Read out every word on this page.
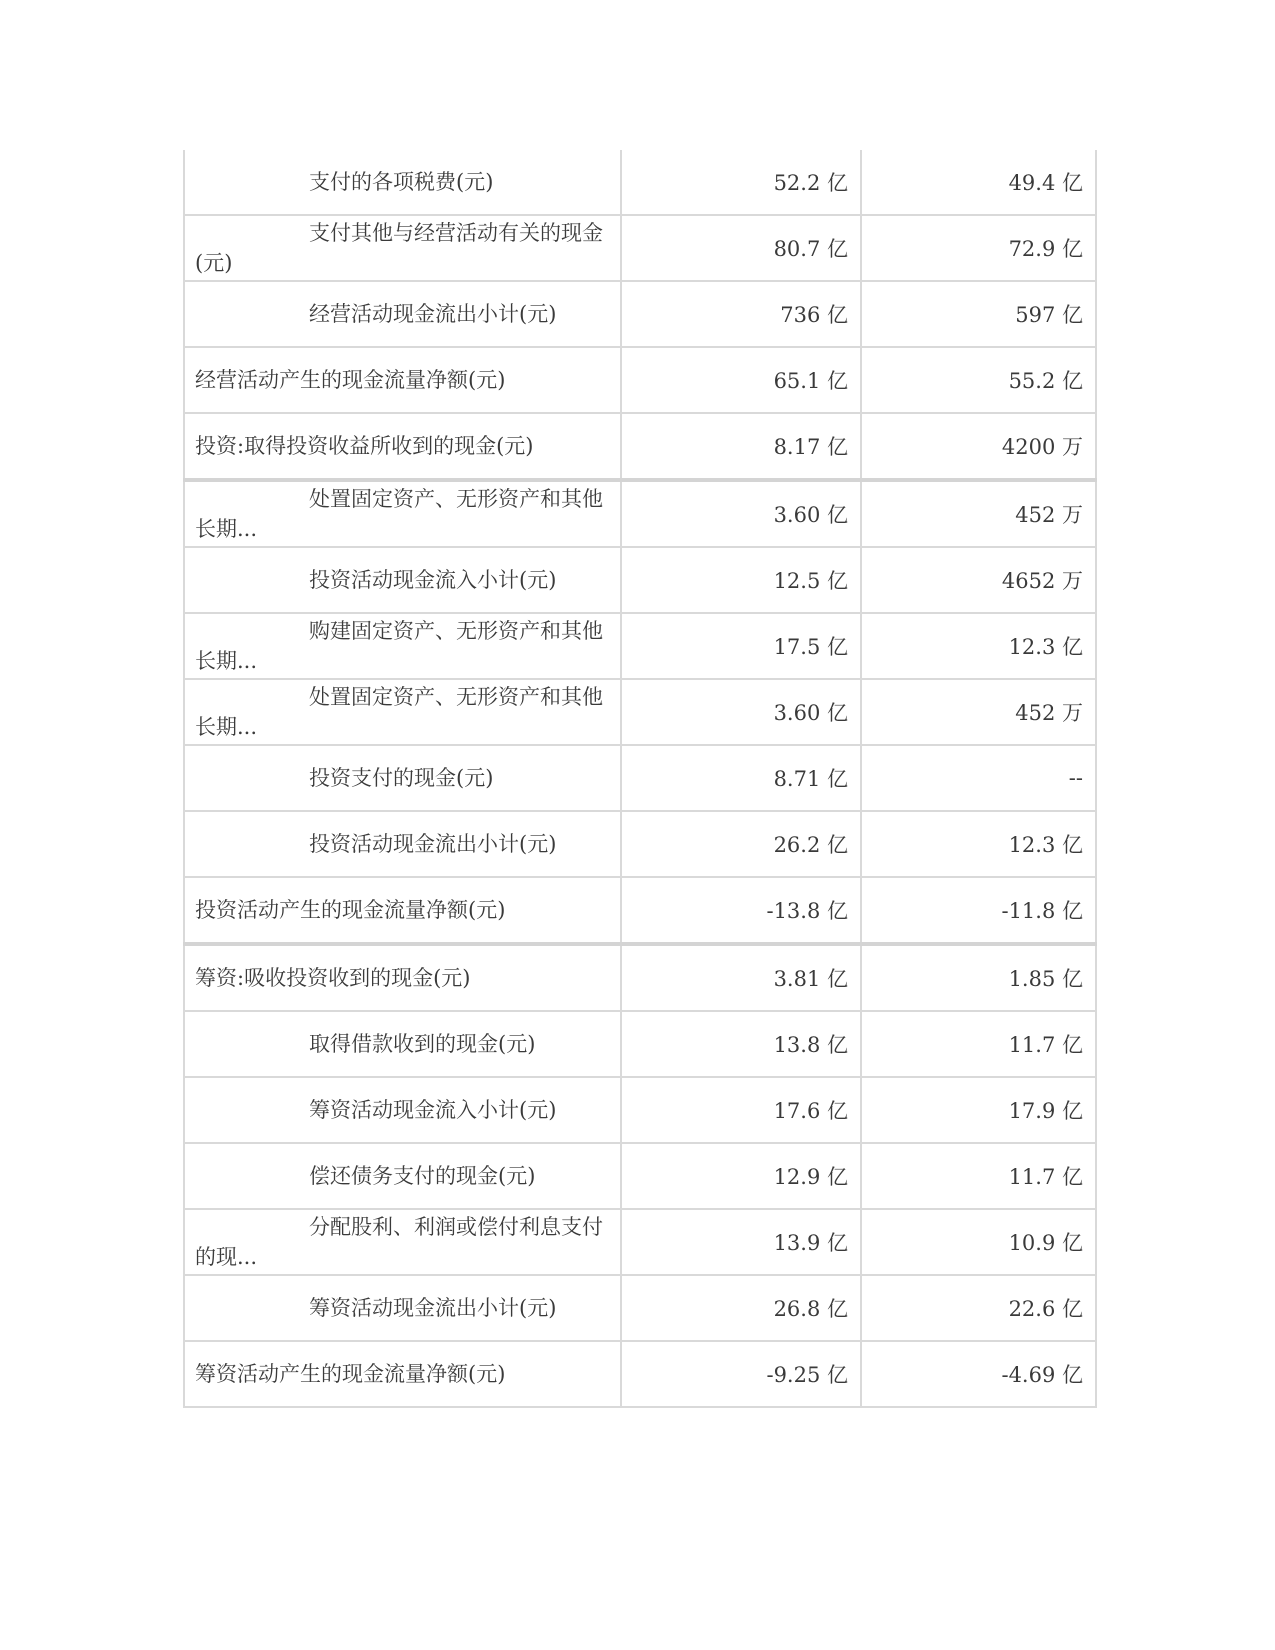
支付的各项税费(元)	52.2 亿	49.4 亿
支付其他与经营活动有关的现金(元)	80.7 亿	72.9 亿
经营活动现金流出小计(元)	736 亿	597 亿
经营活动产生的现金流量净额(元)	65.1 亿	55.2 亿
投资:取得投资收益所收到的现金(元)	8.17 亿	4200 万
处置固定资产、无形资产和其他长期...	3.60 亿	452 万
投资活动现金流入小计(元)	12.5 亿	4652 万
购建固定资产、无形资产和其他长期...	17.5 亿	12.3 亿
处置固定资产、无形资产和其他长期...	3.60 亿	452 万
投资支付的现金(元)	8.71 亿	--
投资活动现金流出小计(元)	26.2 亿	12.3 亿
投资活动产生的现金流量净额(元)	-13.8 亿	-11.8 亿
筹资:吸收投资收到的现金(元)	3.81 亿	1.85 亿
取得借款收到的现金(元)	13.8 亿	11.7 亿
筹资活动现金流入小计(元)	17.6 亿	17.9 亿
偿还债务支付的现金(元)	12.9 亿	11.7 亿
分配股利、利润或偿付利息支付的现...	13.9 亿	10.9 亿
筹资活动现金流出小计(元)	26.8 亿	22.6 亿
筹资活动产生的现金流量净额(元)	-9.25 亿	-4.69 亿
